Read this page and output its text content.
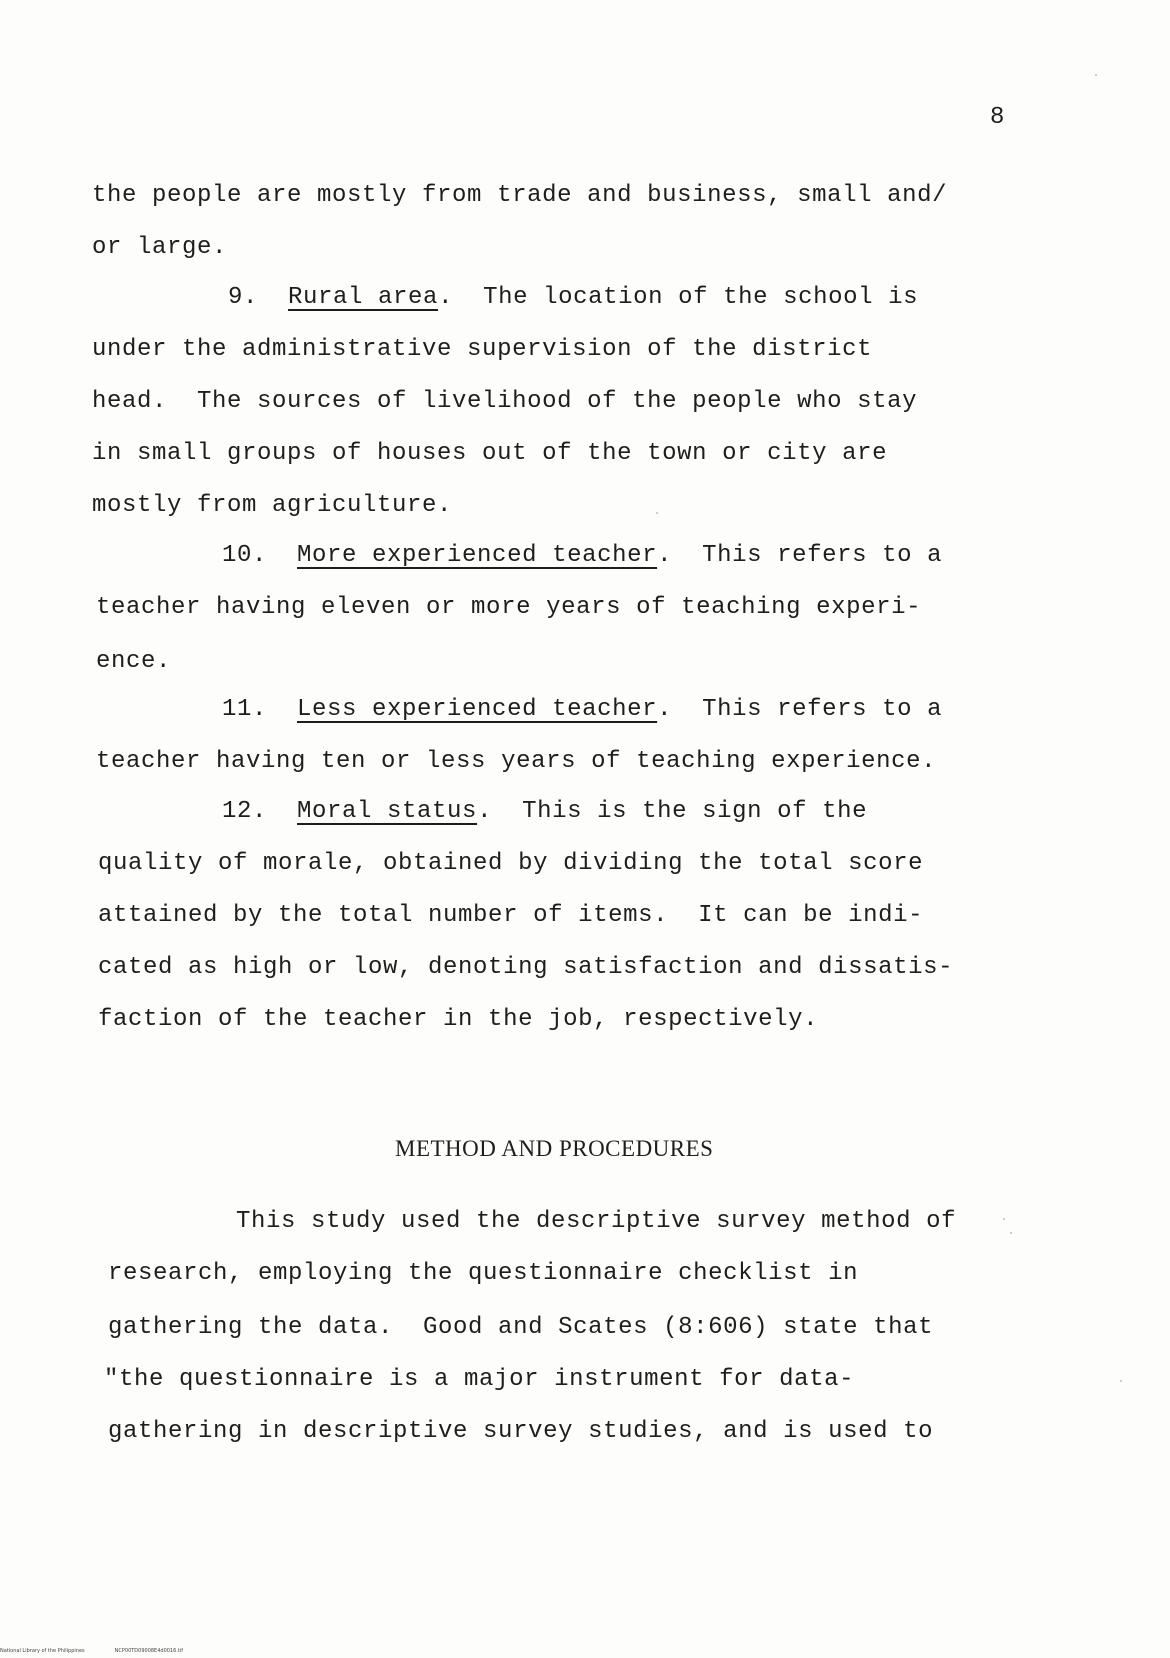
8
the people are mostly from trade and business, small and/
or large.
9. Rural area.  The location of the school is
under the administrative supervision of the district
head.  The sources of livelihood of the people who stay
in small groups of houses out of the town or city are
mostly from agriculture.
10. More experienced teacher.  This refers to a
teacher having eleven or more years of teaching experi-
ence.
11. Less experienced teacher.  This refers to a
teacher having ten or less years of teaching experience.
12. Moral status.  This is the sign of the
quality of morale, obtained by dividing the total score
attained by the total number of items.  It can be indi-
cated as high or low, denoting satisfaction and dissatis-
faction of the teacher in the job, respectively.
METHOD AND PROCEDURES
This study used the descriptive survey method of
research, employing the questionnaire checklist in
gathering the data.  Good and Scates (8:606) state that
"the questionnaire is a major instrument for data-
gathering in descriptive survey studies, and is used to
National Library of the Philippines	NCP00TD09008E4d0016.tif
